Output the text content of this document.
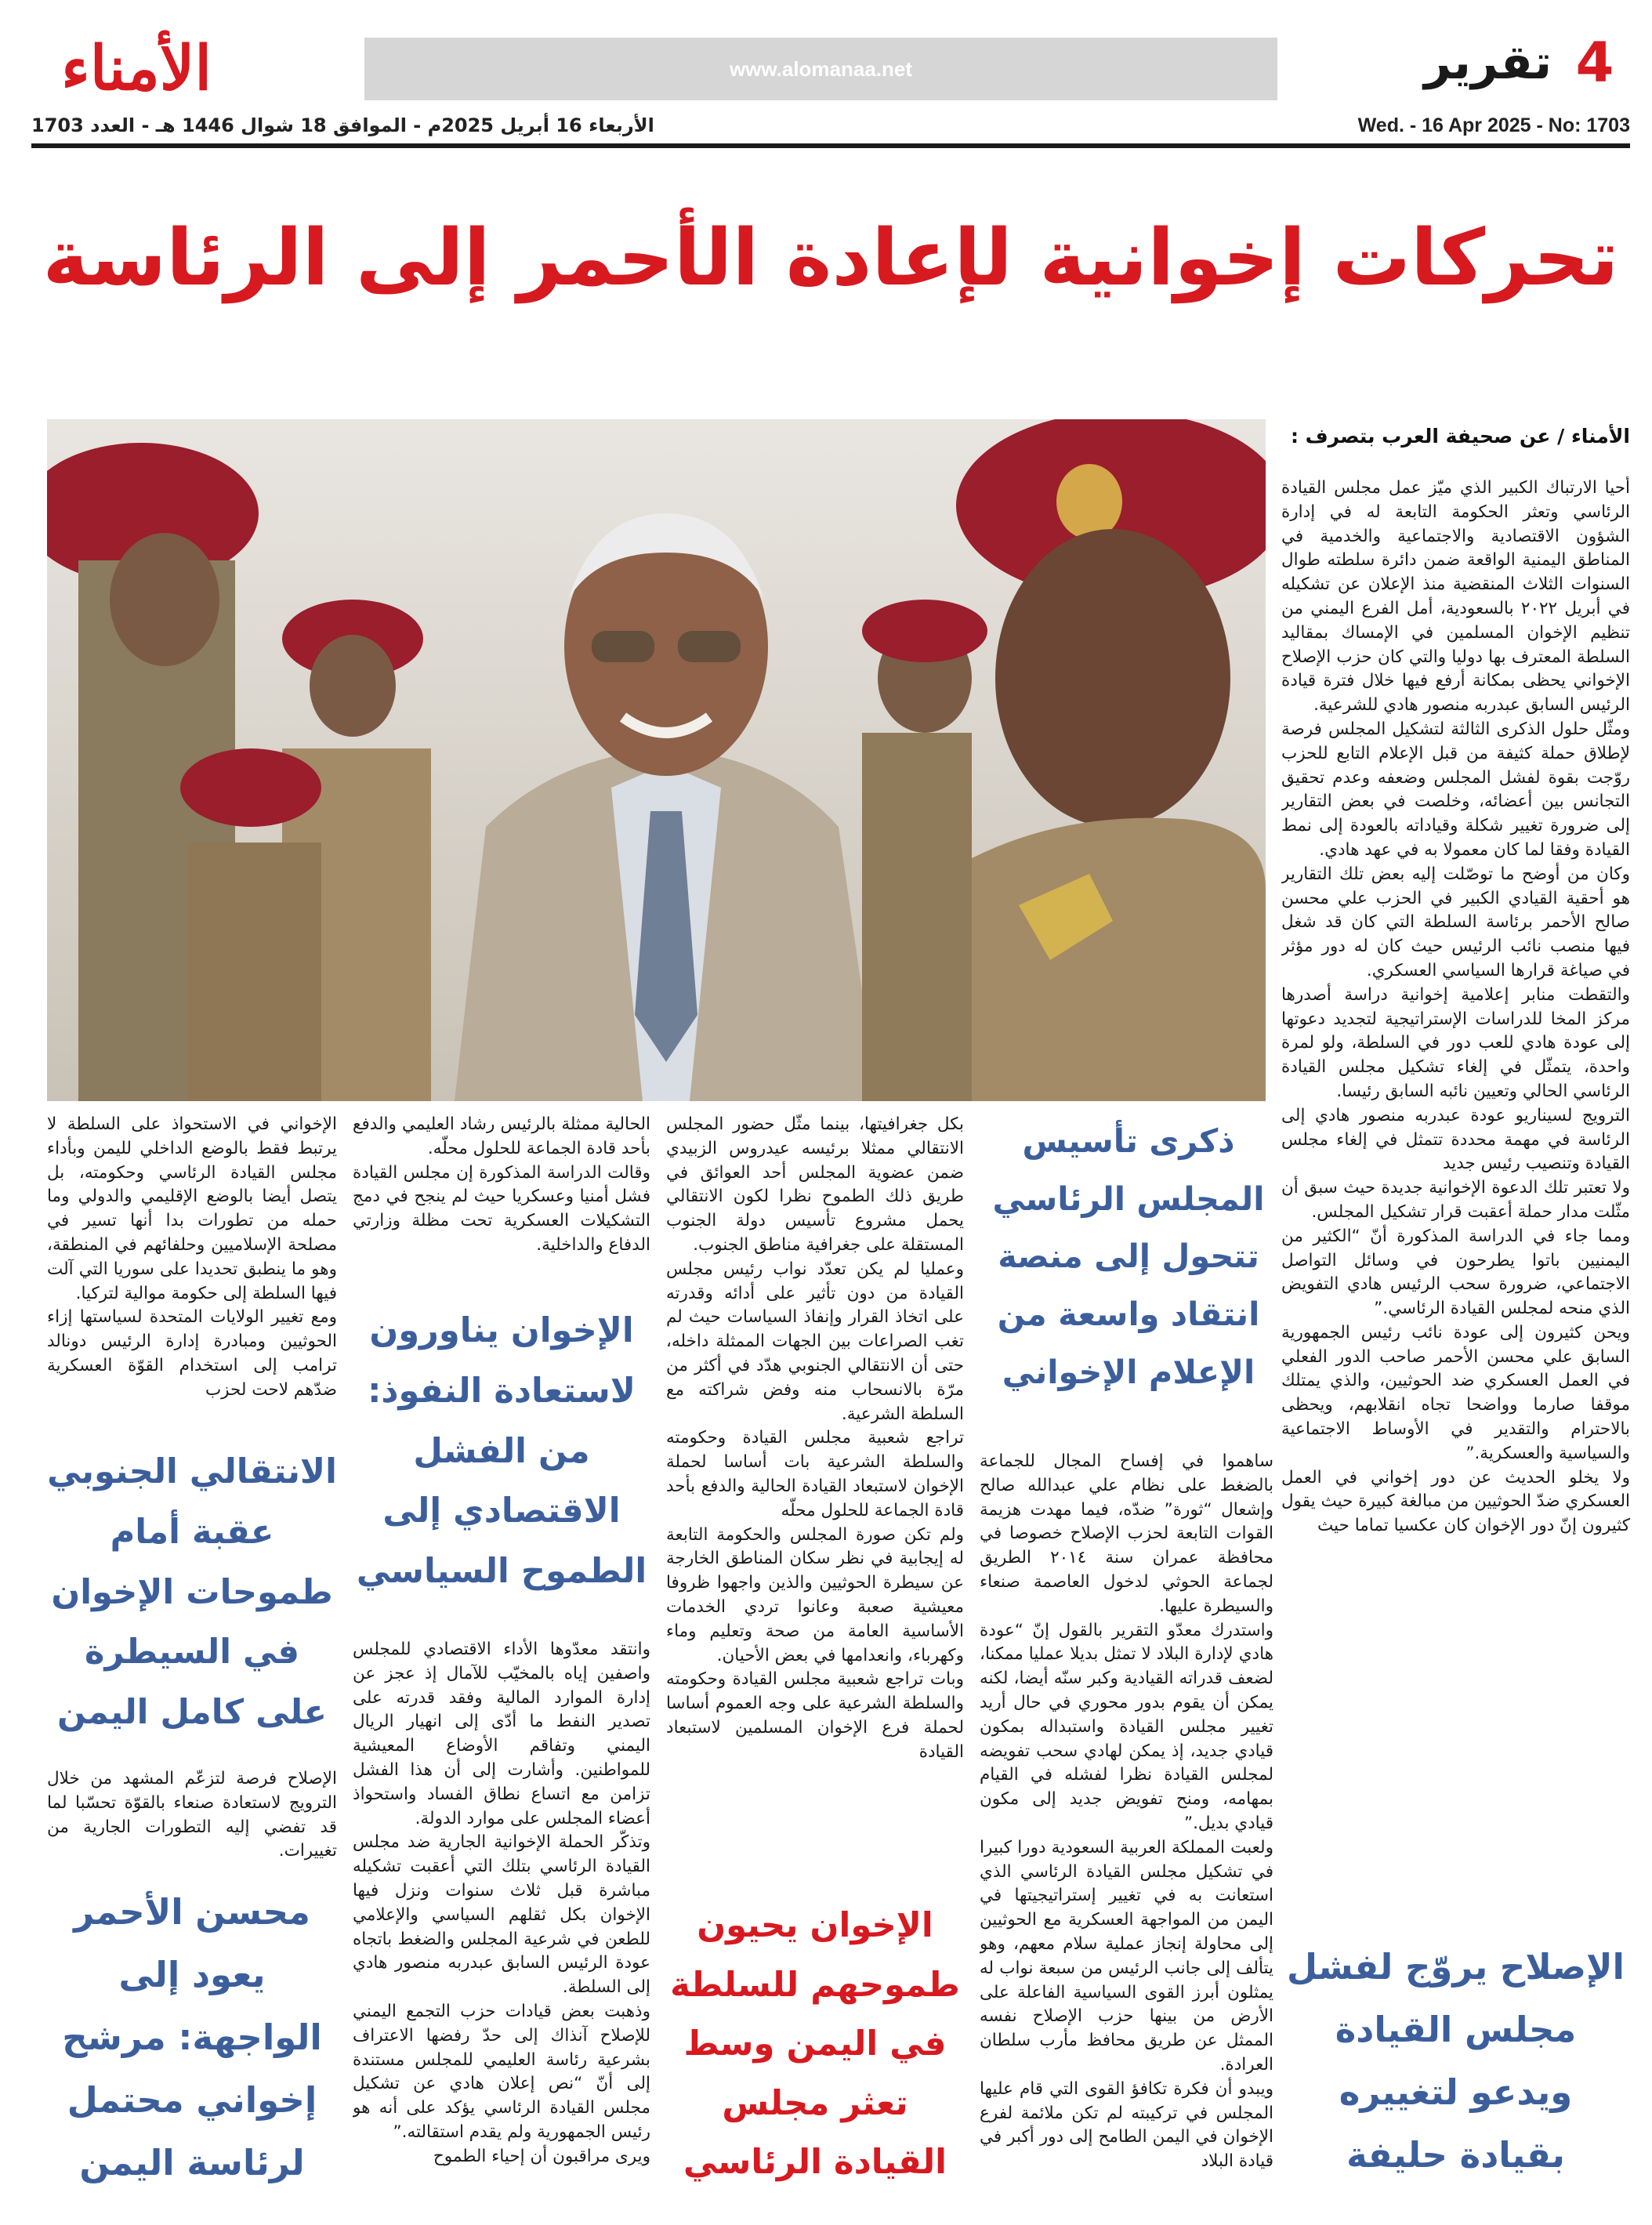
4
تقرير
www.alomanaa.net
الأمناء
الأربعاء 16 أبريل 2025م - الموافق 18 شوال 1446 هـ - العدد 1703	Wed. - 16 Apr 2025 - No: 1703
تحركات إخوانية لإعادة الأحمر إلى الرئاسة
الأمناء / عن صحيفة العرب بتصرف :

أحيا الارتباك الكبير الذي ميّز عمل مجلس القيادة الرئاسي وتعثر الحكومة التابعة له في إدارة الشؤون الاقتصادية والاجتماعية والخدمية في المناطق اليمنية الواقعة ضمن دائرة سلطته طوال السنوات الثلاث المنقضية منذ الإعلان عن تشكيله في أبريل ٢٠٢٢ بالسعودية، أمل الفرع اليمني من تنظيم الإخوان المسلمين في الإمساك بمقاليد السلطة المعترف بها دوليا والتي كان حزب الإصلاح الإخواني يحظى بمكانة أرفع فيها خلال فترة قيادة الرئيس السابق عبدربه منصور هادي للشرعية.

ومثّل حلول الذكرى الثالثة لتشكيل المجلس فرصة لإطلاق حملة كثيفة من قبل الإعلام التابع للحزب روّجت بقوة لفشل المجلس وضعفه وعدم تحقيق التجانس بين أعضائه، وخلصت في بعض التقارير إلى ضرورة تغيير شكلة وقياداته بالعودة إلى نمط القيادة وفقا لما كان معمولا به في عهد هادي.

وكان من أوضح ما توصّلت إليه بعض تلك التقارير هو أحقية القيادي الكبير في الحزب علي محسن صالح الأحمر برئاسة السلطة التي كان قد شغل فيها منصب نائب الرئيس حيث كان له دور مؤثر في صياغة قرارها السياسي العسكري.

والتقطت منابر إعلامية إخوانية دراسة أصدرها مركز المخا للدراسات الإستراتيجية لتجديد دعوتها إلى عودة هادي للعب دور في السلطة، ولو لمرة واحدة، يتمثّل في إلغاء تشكيل مجلس القيادة الرئاسي الحالي وتعيين نائبه السابق رئيسا.

الترويج لسيناريو عودة عبدربه منصور هادي إلى الرئاسة في مهمة محددة تتمثل في إلغاء مجلس القيادة وتنصيب رئيس جديد

ولا تعتبر تلك الدعوة الإخوانية جديدة حيث سبق أن مثّلت مدار حملة أعقبت قرار تشكيل المجلس.

ومما جاء في الدراسة المذكورة أنّ “الكثير من اليمنيين باتوا يطرحون في وسائل التواصل الاجتماعي، ضرورة سحب الرئيس هادي التفويض الذي منحه لمجلس القيادة الرئاسي.”

ويحن كثيرون إلى عودة نائب رئيس الجمهورية السابق علي محسن الأحمر صاحب الدور الفعلي في العمل العسكري ضد الحوثيين، والذي يمتلك موقفا صارما وواضحا تجاه انقلابهم، ويحظى بالاحترام والتقدير في الأوساط الاجتماعية والسياسية والعسكرية.”

ولا يخلو الحديث عن دور إخواني في العمل العسكري ضدّ الحوثيين من مبالغة كبيرة حيث يقول كثيرون إنّ دور الإخوان كان عكسيا تماما حيث

الإصلاح يروّج لفشل مجلس القيادة ويدعو لتغييره بقيادة حليفة
ذكرى تأسيس المجلس الرئاسي تتحول إلى منصة انتقاد واسعة من الإعلام الإخواني

ساهموا في إفساح المجال للجماعة بالضغط على نظام علي عبدالله صالح وإشعال “ثورة” ضدّه، فيما مهدت هزيمة القوات التابعة لحزب الإصلاح خصوصا في محافظة عمران سنة ٢٠١٤ الطريق لجماعة الحوثي لدخول العاصمة صنعاء والسيطرة عليها.

واستدرك معدّو التقرير بالقول إنّ “عودة هادي لإدارة البلاد لا تمثل بديلا عمليا ممكنا، لضعف قدراته القيادية وكبر سنّه أيضا، لكنه يمكن أن يقوم بدور محوري في حال أريد تغيير مجلس القيادة واستبداله بمكون قيادي جديد، إذ يمكن لهادي سحب تفويضه لمجلس القيادة نظرا لفشله في القيام بمهامه، ومنح تفويض جديد إلى مكون قيادي بديل.”

ولعبت المملكة العربية السعودية دورا كبيرا في تشكيل مجلس القيادة الرئاسي الذي استعانت به في تغيير إستراتيجيتها في اليمن من المواجهة العسكرية مع الحوثيين إلى محاولة إنجاز عملية سلام معهم، وهو يتألف إلى جانب الرئيس من سبعة نواب له يمثلون أبرز القوى السياسية الفاعلة على الأرض من بينها حزب الإصلاح نفسه الممثل عن طريق محافظ مأرب سلطان العرادة.

ويبدو أن فكرة تكافؤ القوى التي قام عليها المجلس في تركيبته لم تكن ملائمة لفرع الإخوان في اليمن الطامح إلى دور أكبر في قيادة البلاد

بكل جغرافيتها، بينما مثّل حضور المجلس الانتقالي ممثلا برئيسه عيدروس الزبيدي ضمن عضوية المجلس أحد العوائق في طريق ذلك الطموح نظرا لكون الانتقالي يحمل مشروع تأسيس دولة الجنوب المستقلة على جغرافية مناطق الجنوب.

وعمليا لم يكن تعدّد نواب رئيس مجلس القيادة من دون تأثير على أدائه وقدرته على اتخاذ القرار وإنفاذ السياسات حيث لم تغب الصراعات بين الجهات الممثلة داخله، حتى أن الانتقالي الجنوبي هدّد في أكثر من مرّة بالانسحاب منه وفض شراكته مع السلطة الشرعية.

تراجع شعبية مجلس القيادة وحكومته والسلطة الشرعية بات أساسا لحملة الإخوان لاستبعاد القيادة الحالية والدفع بأحد قادة الجماعة للحلول محلّه

ولم تكن صورة المجلس والحكومة التابعة له إيجابية في نظر سكان المناطق الخارجة عن سيطرة الحوثيين والذين واجهوا ظروفا معيشية صعبة وعانوا تردي الخدمات الأساسية العامة من صحة وتعليم وماء وكهرباء، وانعدامها في بعض الأحيان.

وبات تراجع شعبية مجلس القيادة وحكومته والسلطة الشرعية على وجه العموم أساسا لحملة فرع الإخوان المسلمين لاستبعاد القيادة

الإخوان يحيون طموحهم للسلطة في اليمن وسط تعثر مجلس القيادة الرئاسي

الحالية ممثلة بالرئيس رشاد العليمي والدفع بأحد قادة الجماعة للحلول محلّه.

وقالت الدراسة المذكورة إن مجلس القيادة فشل أمنيا وعسكريا حيث لم ينجح في دمج التشكيلات العسكرية تحت مظلة وزارتي الدفاع والداخلية.

الإخوان يناورون لاستعادة النفوذ: من الفشل الاقتصادي إلى الطموح السياسي

وانتقد معدّوها الأداء الاقتصادي للمجلس واصفين إياه بالمخيّب للآمال إذ عجز عن إدارة الموارد المالية وفقد قدرته على تصدير النفط ما أدّى إلى انهيار الريال اليمني وتفاقم الأوضاع المعيشية للمواطنين. وأشارت إلى أن هذا الفشل تزامن مع اتساع نطاق الفساد واستحواذ أعضاء المجلس على موارد الدولة.

وتذكّر الحملة الإخوانية الجارية ضد مجلس القيادة الرئاسي بتلك التي أعقبت تشكيله مباشرة قبل ثلاث سنوات ونزل فيها الإخوان بكل ثقلهم السياسي والإعلامي للطعن في شرعية المجلس والضغط باتجاه عودة الرئيس السابق عبدربه منصور هادي إلى السلطة.

وذهبت بعض قيادات حزب التجمع اليمني للإصلاح آنذاك إلى حدّ رفضها الاعتراف بشرعية رئاسة العليمي للمجلس مستندة إلى أنّ “نص إعلان هادي عن تشكيل مجلس القيادة الرئاسي يؤكد على أنه هو رئيس الجمهورية ولم يقدم استقالته.”

ويرى مراقبون أن إحياء الطموح

الإخواني في الاستحواذ على السلطة لا يرتبط فقط بالوضع الداخلي لليمن وبأداء مجلس القيادة الرئاسي وحكومته، بل يتصل أيضا بالوضع الإقليمي والدولي وما حمله من تطورات بدا أنها تسير في مصلحة الإسلاميين وحلفائهم في المنطقة، وهو ما ينطبق تحديدا على سوريا التي آلت فيها السلطة إلى حكومة موالية لتركيا.

ومع تغيير الولايات المتحدة لسياستها إزاء الحوثيين ومبادرة إدارة الرئيس دونالد ترامب إلى استخدام القوّة العسكرية ضدّهم لاحت لحزب

الانتقالي الجنوبي عقبة أمام طموحات الإخوان في السيطرة على كامل اليمن

الإصلاح فرصة لتزعّم المشهد من خلال الترويج لاستعادة صنعاء بالقوّة تحسّبا لما قد تفضي إليه التطورات الجارية من تغييرات.

محسن الأحمر يعود إلى الواجهة: مرشح إخواني محتمل لرئاسة اليمن
